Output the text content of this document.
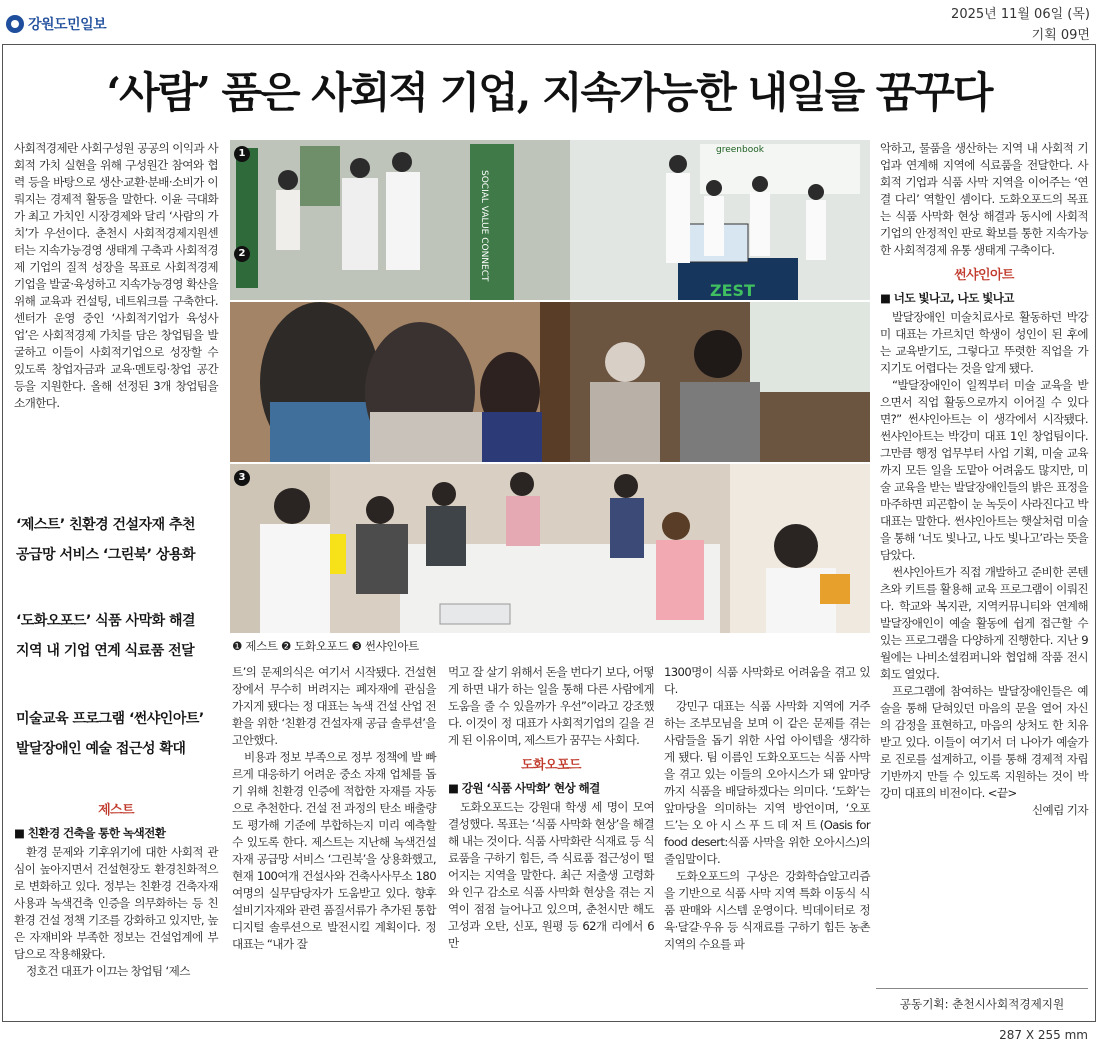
강원도민일보
2025년 11월 06일 (목)
기획 09면
‘사람’ 품은 사회적 기업, 지속가능한 내일을 꿈꾸다

사회적경제란 사회구성원 공공의 이익과 사회적 가치 실현을 위해 구성원간 참여와 협력 등을 바탕으로 생산·교환·분배·소비가 이뤄지는 경제적 활동을 말한다. 이윤 극대화가 최고 가치인 시장경제와 달리 ‘사람의 가치’가 우선이다. 춘천시 사회적경제지원센터는 지속가능경영 생태계 구축과 사회적경제 기업의 질적 성장을 목표로 사회적경제 기업을 발굴·육성하고 지속가능경영 확산을 위해 교육과 컨설팅, 네트워크를 구축한다. 센터가 운영 중인 ‘사회적기업가 육성사업’은 사회적경제 가치를 담은 창업팀을 발굴하고 이들이 사회적기업으로 성장할 수 있도록 창업자금과 교육·멘토링·창업 공간 등을 지원한다. 올해 선정된 3개 창업팀을 소개한다.

‘제스트’ 친환경 건설자재 추천
공급망 서비스 ‘그린북’ 상용화
‘도화오포드’ 식품 사막화 해결
지역 내 기업 연계 식료품 전달
미술교육 프로그램 ‘썬샤인아트’
발달장애인 예술 접근성 확대
SOCIAL VALUE CONNECT
greenbook
ZEST
1
2
3
❶ 제스트 ❷ 도화오포드 ❸ 썬샤인아트

트’의 문제의식은 여기서 시작됐다. 건설현장에서 무수히 버려지는 폐자재에 관심을 가지게 됐다는 정 대표는 녹색 건설 산업 전환을 위한 ‘친환경 건설자재 공급 솔루션’을 고안했다.

비용과 정보 부족으로 정부 정책에 발 빠르게 대응하기 어려운 중소 자재 업체를 돕기 위해 친환경 인증에 적합한 자재를 자동으로 추천한다. 건설 전 과정의 탄소 배출량도 평가해 기준에 부합하는지 미리 예측할 수 있도록 한다. 제스트는 지난해 녹색건설 자재 공급망 서비스 ‘그린북’을 상용화했고, 현재 100여개 건설사와 건축사사무소 180여명의 실무담당자가 도움받고 있다. 향후 설비기자재와 관련 품질서류가 추가된 통합 디지털 솔루션으로 발전시킬 계획이다. 정 대표는 “내가 잘

제스트
■ 친환경 건축을 통한 녹색전환

환경 문제와 기후위기에 대한 사회적 관심이 높아지면서 건설현장도 환경친화적으로 변화하고 있다. 정부는 친환경 건축자재 사용과 녹색건축 인증을 의무화하는 등 친환경 건설 정책 기조를 강화하고 있지만, 높은 자재비와 부족한 정보는 건설업계에 부담으로 작용해왔다.

정호건 대표가 이끄는 창업팀 ‘제스

먹고 잘 살기 위해서 돈을 번다기 보다, 어떻게 하면 내가 하는 일을 통해 다른 사람에게 도움을 줄 수 있을까가 우선”이라고 강조했다. 이것이 정 대표가 사회적기업의 길을 걷게 된 이유이며, 제스트가 꿈꾸는 사회다.

도화오포드
■ 강원 ‘식품 사막화’ 현상 해결

도화오포드는 강원대 학생 세 명이 모여 결성했다. 목표는 ‘식품 사막화 현상’을 해결해 내는 것이다. 식품 사막화란 식재료 등 식료품을 구하기 힘든, 즉 식료품 접근성이 떨어지는 지역을 말한다. 최근 저출생 고령화와 인구 감소로 식품 사막화 현상을 겪는 지역이 점점 늘어나고 있으며, 춘천시만 해도 고성과 오탄, 신포, 원평 등 62개 리에서 6만

1300명이 식품 사막화로 어려움을 겪고 있다.

강민구 대표는 식품 사막화 지역에 거주하는 조부모님을 보며 이 같은 문제를 겪는 사람들을 돕기 위한 사업 아이템을 생각하게 됐다. 팀 이름인 도화오포드는 식품 사막을 겪고 있는 이들의 오아시스가 돼 앞마당까지 식품을 배달하겠다는 의미다. ‘도화’는 앞마당을 의미하는 지역 방언이며, ‘오포드’는 오 아 시 스 푸 드 데 저 트 (Oasis for food desert:식품 사막을 위한 오아시스)의 줄임말이다.

도화오포드의 구상은 강화학습알고리즘을 기반으로 식품 사막 지역 특화 이동식 식품 판매와 시스템 운영이다. 빅데이터로 정육·달걀·우유 등 식재료를 구하기 힘든 농촌 지역의 수요를 파

악하고, 물품을 생산하는 지역 내 사회적 기업과 연계해 지역에 식료품을 전달한다. 사회적 기업과 식품 사막 지역을 이어주는 ‘연결 다리’ 역할인 셈이다. 도화오포드의 목표는 식품 사막화 현상 해결과 동시에 사회적 기업의 안정적인 판로 확보를 통한 지속가능한 사회적경제 유통 생태계 구축이다.

썬샤인아트
■ 너도 빛나고, 나도 빛나고

발달장애인 미술치료사로 활동하던 박강미 대표는 가르치던 학생이 성인이 된 후에는 교육받기도, 그렇다고 뚜렷한 직업을 가지기도 어렵다는 것을 알게 됐다.

“발달장애인이 일찍부터 미술 교육을 받으면서 직업 활동으로까지 이어질 수 있다면?” 썬샤인아트는 이 생각에서 시작됐다. 썬샤인아트는 박강미 대표 1인 창업팀이다. 그만큼 행정 업무부터 사업 기획, 미술 교육까지 모든 일을 도맡아 어려움도 많지만, 미술 교육을 받는 발달장애인들의 밝은 표정을 마주하면 피곤함이 눈 녹듯이 사라진다고 박 대표는 말한다. 썬샤인아트는 햇살처럼 미술을 통해 ‘너도 빛나고, 나도 빛나고’라는 뜻을 담았다.

썬샤인아트가 직접 개발하고 준비한 콘텐츠와 키트를 활용해 교육 프로그램이 이뤄진다. 학교와 복지관, 지역커뮤니티와 연계해 발달장애인이 예술 활동에 쉽게 접근할 수 있는 프로그램을 다양하게 진행한다. 지난 9월에는 나비소셜컴퍼니와 협업해 작품 전시회도 열었다.

프로그램에 참여하는 발달장애인들은 예술을 통해 닫혀있던 마음의 문을 열어 자신의 감정을 표현하고, 마음의 상처도 한 치유받고 있다. 이들이 여기서 더 나아가 예술가로 진로를 설계하고, 이를 통해 경제적 자립 기반까지 만들 수 있도록 지원하는 것이 박강미 대표의 비전이다. <끝>

신예림 기자

공동기획: 춘천시사회적경제지원
287 X 255 mm
